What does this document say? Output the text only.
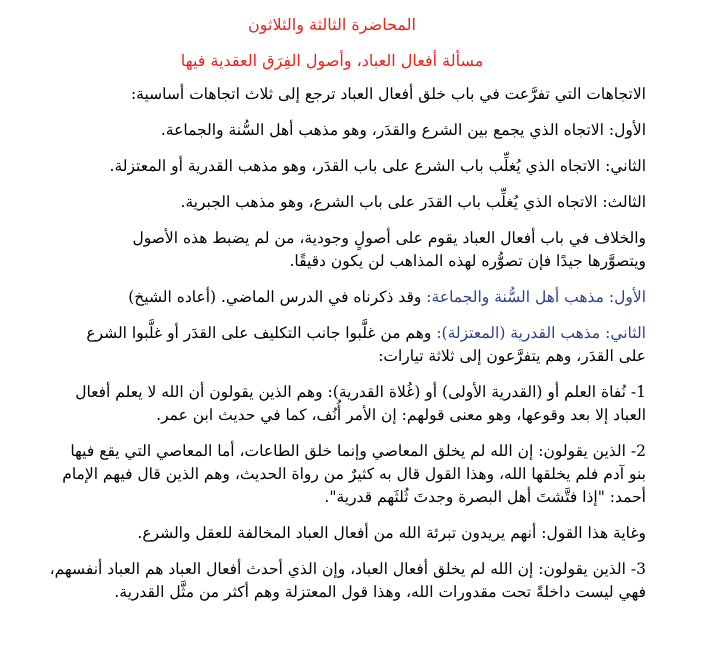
المحاضرة الثالثة والثلاثون

مسألة أفعال العباد، وأصول الفِرَق العقدية فيها

الاتجاهات التي تفرَّعت في باب خلق أفعال العباد ترجع إلى ثلاث اتجاهات أساسية:

الأول: الاتجاه الذي يجمع بين الشرع والقدَر، وهو مذهب أهل السُّنة والجماعة.

الثاني: الاتجاه الذي يُغلِّب باب الشرع على باب القدَر، وهو مذهب القدرية أو المعتزلة.

الثالث: الاتجاه الذي يُغلِّب باب القدَر على باب الشرع، وهو مذهب الجبرية.

والخلاف في باب أفعال العباد يقوم على أصولٍ وجودية، من لم يضبط هذه الأصول
ويتصوَّرها جيدًا فإن تصوُّره لهذه المذاهب لن يكون دقيقًا.

الأول: مذهب أهل السُّنة والجماعة: وقد ذكرناه في الدرس الماضي. (أعاده الشيخ)

الثاني: مذهب القدرية (المعتزلة): وهم من غلَّبوا جانب التكليف على القدَر أو غلَّبوا الشرع
على القدَر، وهم يتفرَّعون إلى ثلاثة تيارات:

1- نُفاة العلم أو (القدرية الأولى) أو (غُلاة القدرية): وهم الذين يقولون أن الله لا يعلم أفعال
العباد إلا بعد وقوعها، وهو معنى قولهم: إن الأمر أُنُف، كما في حديث ابن عمر.

2- الذين يقولون: إن الله لم يخلق المعاصي وإنما خلق الطاعات، أما المعاصي التي يقع فيها
بنو آدم فلم يخلقها الله، وهذا القول قال به كثيرٌ من رواة الحديث، وهم الذين قال فيهم الإمام
أحمد: "إذا فتَّشتَ أهل البصرة وجدتَ ثُلثَهم قدرية".

وغاية هذا القول: أنهم يريدون تبرئة الله من أفعال العباد المخالفة للعقل والشرع.

3- الذين يقولون: إن الله لم يخلق أفعال العباد، وإن الذي أحدث أفعال العباد هم العباد أنفسهم،
فهي ليست داخلةً تحت مقدورات الله، وهذا قول المعتزلة وهم أكثر من مثَّل القدرية.
